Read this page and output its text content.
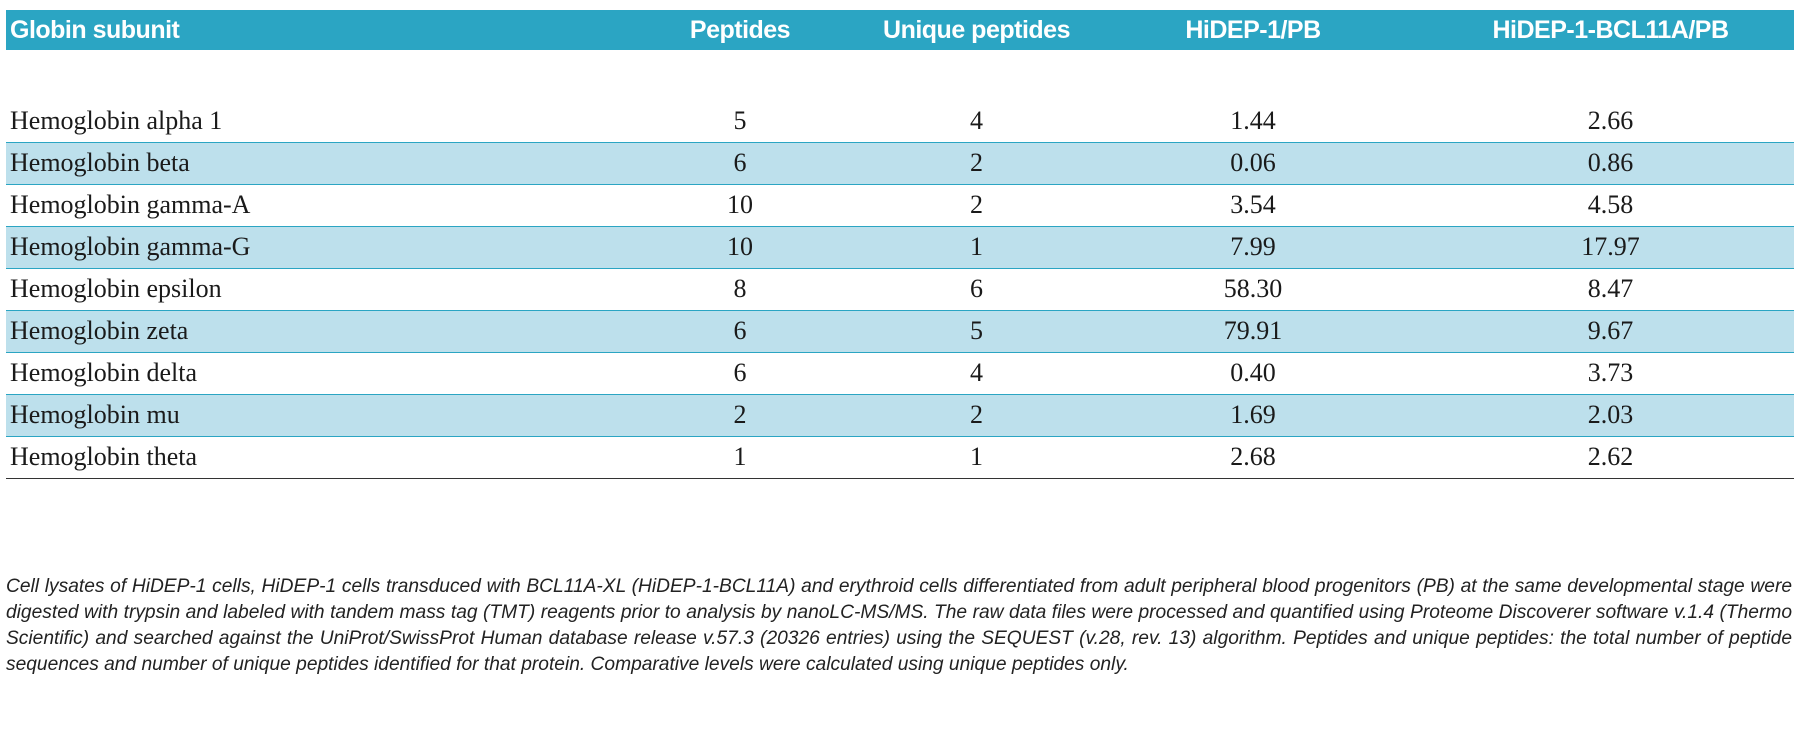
Globin subunit	Peptides	Unique peptides	HiDEP-1/PB	HiDEP-1-BCL11A/PB

Hemoglobin alpha 1	5	4	1.44	2.66
Hemoglobin beta	6	2	0.06	0.86
Hemoglobin gamma-A	10	2	3.54	4.58
Hemoglobin gamma-G	10	1	7.99	17.97
Hemoglobin epsilon	8	6	58.30	8.47
Hemoglobin zeta	6	5	79.91	9.67
Hemoglobin delta	6	4	0.40	3.73
Hemoglobin mu	2	2	1.69	2.03
Hemoglobin theta	1	1	2.68	2.62

Cell lysates of HiDEP-1 cells, HiDEP-1 cells transduced with BCL11A-XL (HiDEP-1-BCL11A) and erythroid cells differentiated from adult peripheral blood progenitors (PB) at the same developmental stage were digested with trypsin and labeled with tandem mass tag (TMT) reagents prior to analysis by nanoLC-MS/MS. The raw data files were processed and quantified using Proteome Discoverer software v.1.4 (Thermo Scientific) and searched against the UniProt/SwissProt Human database release v.57.3 (20326 entries) using the SEQUEST (v.28, rev. 13) algorithm. Peptides and unique peptides: the total number of peptide sequences and number of unique peptides identified for that protein. Comparative levels were calculated using unique peptides only.
